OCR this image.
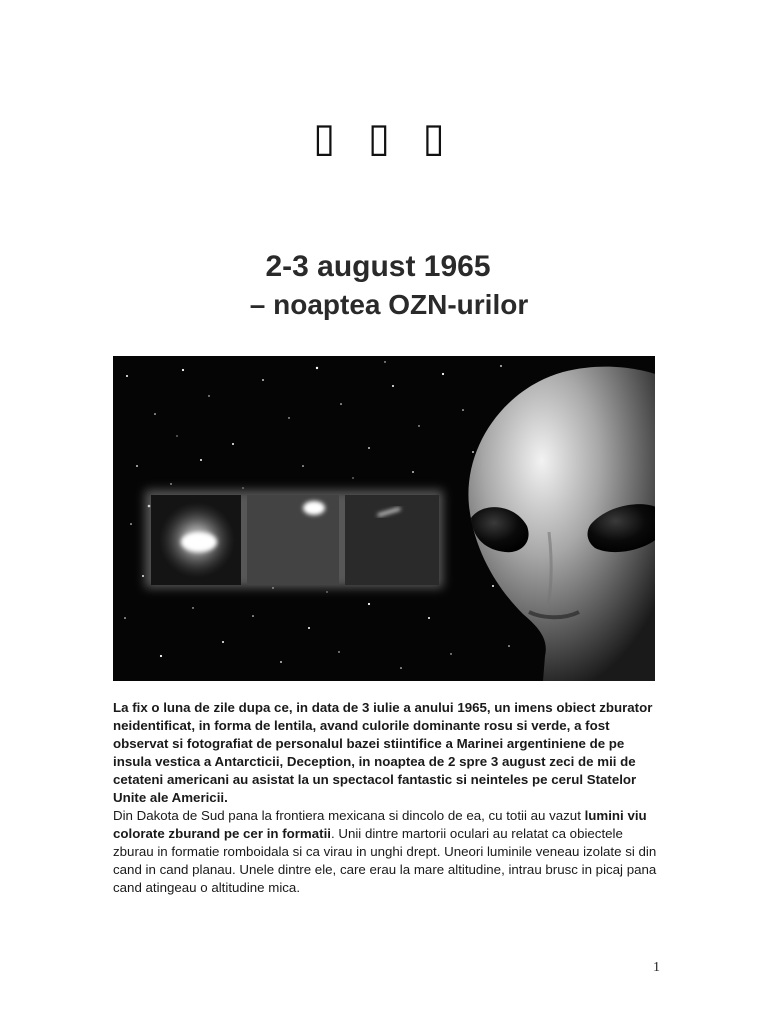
▯ ▯ ▯
2-3 august 1965
– noaptea OZN-urilor

La fix o luna de zile dupa ce, in data de 3 iulie a anului 1965, un imens obiect zburator neidentificat, in forma de lentila, avand culorile dominante rosu si verde, a fost observat si fotografiat de personalul bazei stiintifice a Marinei argentiniene de pe insula vestica a Antarcticii, Deception, in noaptea de 2 spre 3 august zeci de mii de cetateni americani au asistat la un spectacol fantastic si neinteles pe cerul Statelor Unite ale Americii.

Din Dakota de Sud pana la frontiera mexicana si dincolo de ea, cu totii au vazut lumini viu colorate zburand pe cer in formatii. Unii dintre martorii oculari au relatat ca obiectele zburau in formatie romboidala si ca virau in unghi drept. Uneori luminile veneau izolate si din cand in cand planau. Unele dintre ele, care erau la mare altitudine, intrau brusc in picaj pana cand atingeau o altitudine mica.

1
